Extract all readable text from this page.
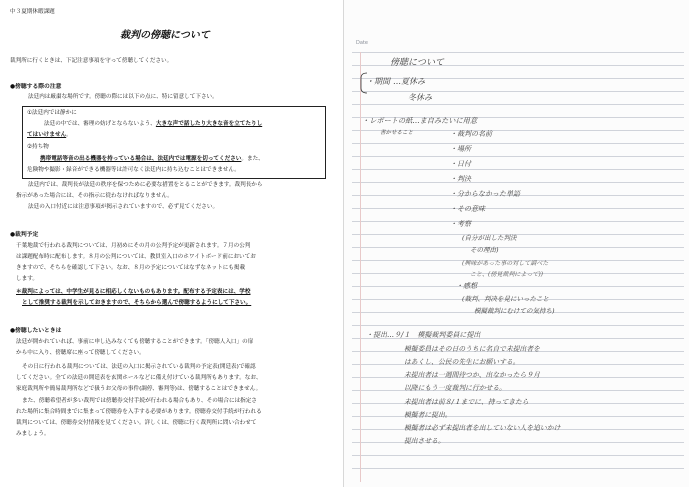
中３夏期休暇課題
裁判の傍聴について
裁判所に行くときは、下記注意事項を守って傍聴してください。
●傍聴する際の注意
法廷内は厳粛な場所です。傍聴の際には以下の点に、特に留意して下さい。
①法廷内では静かに
法廷の中では、審理の妨げとならないよう、大きな声で話したり大きな音を立てたりし
てはいけません。
②持ち物
携帯電話等音の出る機器を持っている場合は、法廷内では電源を切ってください。また、
危険物や撮影・録音ができる機器等は許可なく法廷内に持ち込むことはできません。
法廷内では、裁判長が法廷の秩序を保つために必要な措置をとることができます。裁判長から
指示があった場合には、その指示に従わなければなりません。
法廷の入口付近には注意事項が掲示されていますので、必ず見てください。
●裁判予定
千葉地裁で行われる裁判については、月初めにその月の公判予定が更新されます。７月の公判
は課題配布時に配布します。８月の公判については、教員室入口のホワイトボード前においてお
きますので、そちらを確認して下さい。なお、８月の予定についてはなずなネットにも掲載
します。
＊裁判によっては、中学生が見るに相応しくないものもあります。配布する予定表には、学校
として推奨する裁判を示しておきますので、そちらから選んで傍聴するようにして下さい。
●傍聴したいときは
法廷が開かれていれば、事前に申し込みなくても傍聴することができます。「傍聴人入口」の扉
から中に入り、傍聴席に座って傍聴してください。
その日に行われる裁判については、法廷の入口に掲示されている裁判の予定表(開廷表)で確認
してください。全ての法廷の開廷表を玄関ホールなどに備え付けている裁判所もあります。なお、
家庭裁判所や簡易裁判所などで扱うお父母の事件(調停、審判等)は、傍聴することはできません。
また、傍聴希望者が多い裁判では傍聴券交付手続が行われる場合もあり、その場合には指定さ
れた場所に集合時間までに集まって傍聴券を入手する必要があります。傍聴券交付手続が行われる
裁判については、傍聴券交付情報を見てください。詳しくは、傍聴に行く裁判所に問い合わせて
みましょう。
Date
傍聴について
・期間 …夏休み
冬休み
・レポートの紙…ま自みたいに用意
書かせること	・裁判の名前
・場所
・日付
・判決
・分からなかった単語
・その意味
・考察
(自分が出した判決
その理由)
(興味があった事の対して調べた
こと、(傍見裁判によって))
・感想
(裁判、判决を見にいったこと
模擬裁判にむけての気持ち)
・提出…９/１　模擬裁判委員に提出
模擬委員はその日のうちに名自で未提出者を
はあくし、公民の先生にお願いする。
未提出者は一週間待つか、出なかったら９月
以降にもう一度裁判に行かせる。
未提出者は前８/１までに、持ってきたら
模擬者に提出。
模擬者は必ず未提出者を出していない人を追いかけ
提出させる。
